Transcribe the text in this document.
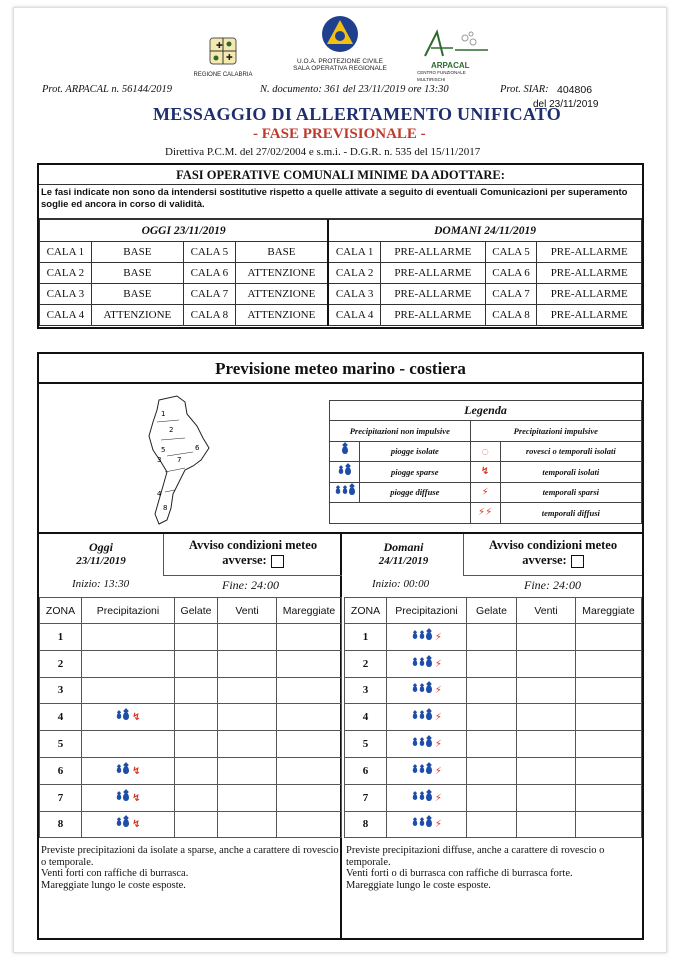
✚
✚
REGIONE CALABRIA
U.O.A. PROTEZIONE CIVILE
SALA OPERATIVA REGIONALE	ARPACAL
CENTRO FUNZIONALE MULTIRISCHI
Prot. ARPACAL n. 56144/2019	N. documento: 361 del 23/11/2019 ore 13:30	Prot. SIAR: 404806
del 23/11/2019
MESSAGGIO DI ALLERTAMENTO UNIFICATO
- FASE PREVISIONALE -
Direttiva P.C.M. del 27/02/2004 e s.m.i. - D.G.R. n. 535 del 15/11/2017
FASI OPERATIVE COMUNALI MINIME DA ADOTTARE:
Le fasi indicate non sono da intendersi sostitutive rispetto a quelle attivate a seguito di eventuali Comunicazioni per superamento soglie ed ancora in corso di validità.
OGGI 23/11/2019				DOMANI 24/11/2019			
CALA 1	BASE	CALA 5	BASE	CALA 1	PRE-ALLARME	CALA 5	PRE-ALLARME
CALA 2	BASE	CALA 6	ATTENZIONE	CALA 2	PRE-ALLARME	CALA 6	PRE-ALLARME
CALA 3	BASE	CALA 7	ATTENZIONE	CALA 3	PRE-ALLARME	CALA 7	PRE-ALLARME
CALA 4	ATTENZIONE	CALA 8	ATTENZIONE	CALA 4	PRE-ALLARME	CALA 8	PRE-ALLARME
Previsione meteo marino - costiera
1
2
3
4
5	6
7
8
Legenda			
Precipitazioni non impulsive		Precipitazioni impulsive	
	piogge isolate	◌	rovesci o temporali isolati
	piogge sparse	↯	temporali isolati
	piogge diffuse	⚡	temporali sparsi
		⚡⚡	temporali diffusi
Oggi
23/11/2019
Avviso condizioni meteo avverse:
Inizio: 13:30	Fine: 24:00
ZONA	Precipitazioni	Gelate	Venti	Mareggiate
1				
2				
3				
4	↯			
5				
6	↯			
7	↯			
8	↯			
Previste precipitazioni da isolate a sparse, anche a carattere di rovescio o temporale.
Venti forti con raffiche di burrasca.
Mareggiate lungo le coste esposte.
Domani
24/11/2019
Avviso condizioni meteo avverse:
Inizio: 00:00	Fine: 24:00
ZONA	Precipitazioni	Gelate	Venti	Mareggiate
1	⚡			
2	⚡			
3	⚡			
4	⚡			
5	⚡			
6	⚡			
7	⚡			
8	⚡			
Previste precipitazioni diffuse, anche a carattere di rovescio o temporale.
Venti forti o di burrasca con raffiche di burrasca forte.
Mareggiate lungo le coste esposte.
